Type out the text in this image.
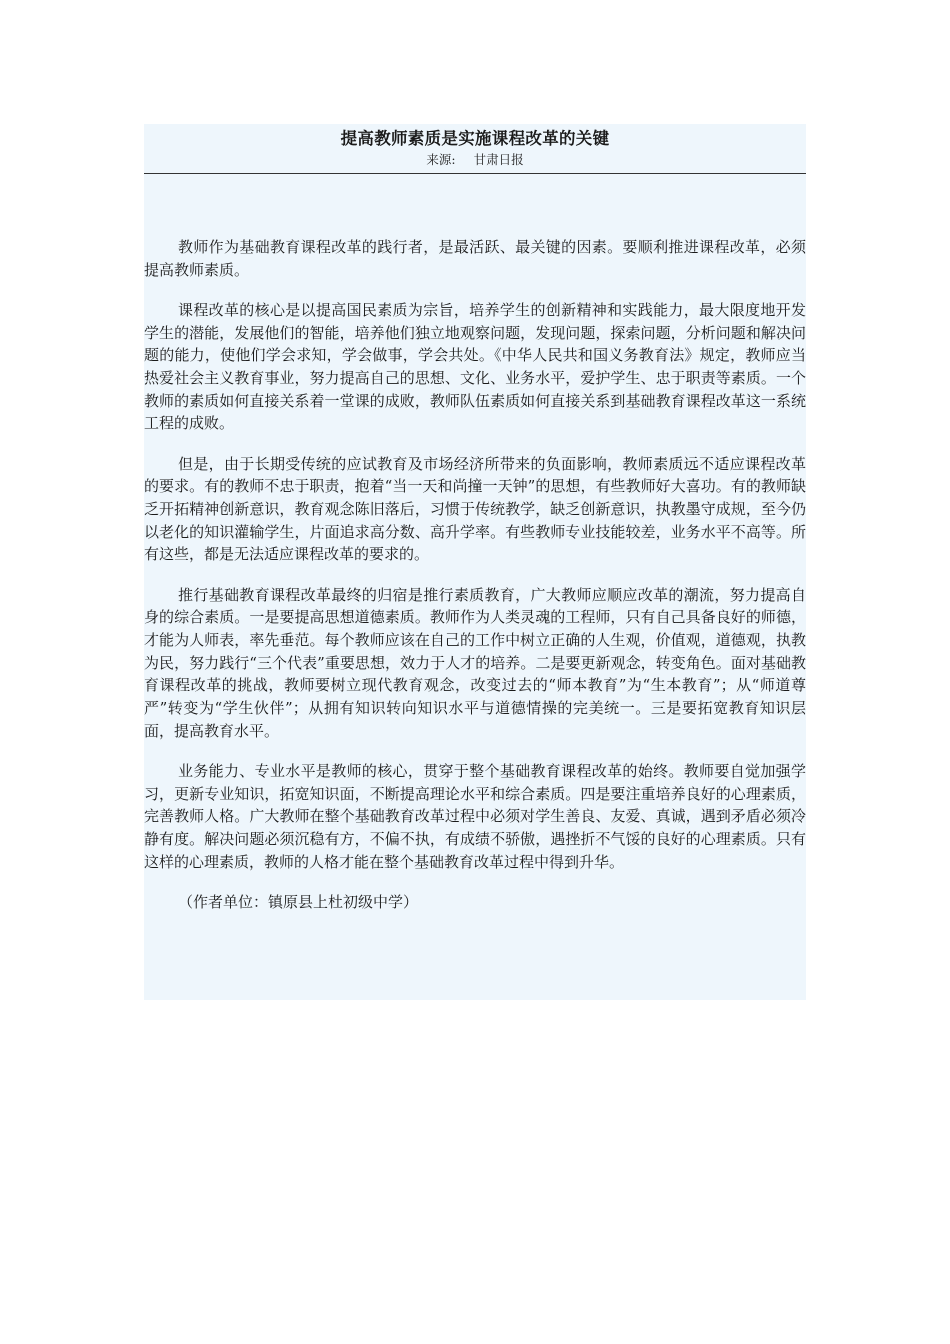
提高教师素质是实施课程改革的关键
来源: 甘肃日报

教师作为基础教育课程改革的践行者，是最活跃、最关键的因素。要顺利推进课程改革，必须提高教师素质。

课程改革的核心是以提高国民素质为宗旨，培养学生的创新精神和实践能力，最大限度地开发学生的潜能，发展他们的智能，培养他们独立地观察问题，发现问题，探索问题，分析问题和解决问题的能力，使他们学会求知，学会做事，学会共处。《中华人民共和国义务教育法》规定，教师应当热爱社会主义教育事业，努力提高自己的思想、文化、业务水平，爱护学生、忠于职责等素质。一个教师的素质如何直接关系着一堂课的成败，教师队伍素质如何直接关系到基础教育课程改革这一系统工程的成败。

但是，由于长期受传统的应试教育及市场经济所带来的负面影响，教师素质远不适应课程改革的要求。有的教师不忠于职责，抱着“当一天和尚撞一天钟”的思想，有些教师好大喜功。有的教师缺乏开拓精神创新意识，教育观念陈旧落后，习惯于传统教学，缺乏创新意识，执教墨守成规，至今仍以老化的知识灌输学生，片面追求高分数、高升学率。有些教师专业技能较差，业务水平不高等。所有这些，都是无法适应课程改革的要求的。

推行基础教育课程改革最终的归宿是推行素质教育，广大教师应顺应改革的潮流，努力提高自身的综合素质。一是要提高思想道德素质。教师作为人类灵魂的工程师，只有自己具备良好的师德，才能为人师表，率先垂范。每个教师应该在自己的工作中树立正确的人生观，价值观，道德观，执教为民，努力践行“三个代表”重要思想，效力于人才的培养。二是要更新观念，转变角色。面对基础教育课程改革的挑战，教师要树立现代教育观念，改变过去的“师本教育”为“生本教育”；从“师道尊严”转变为“学生伙伴”；从拥有知识转向知识水平与道德情操的完美统一。三是要拓宽教育知识层面，提高教育水平。

业务能力、专业水平是教师的核心，贯穿于整个基础教育课程改革的始终。教师要自觉加强学习，更新专业知识，拓宽知识面，不断提高理论水平和综合素质。四是要注重培养良好的心理素质，完善教师人格。广大教师在整个基础教育改革过程中必须对学生善良、友爱、真诚，遇到矛盾必须冷静有度。解决问题必须沉稳有方，不偏不执，有成绩不骄傲，遇挫折不气馁的良好的心理素质。只有这样的心理素质，教师的人格才能在整个基础教育改革过程中得到升华。

（作者单位：镇原县上杜初级中学）
